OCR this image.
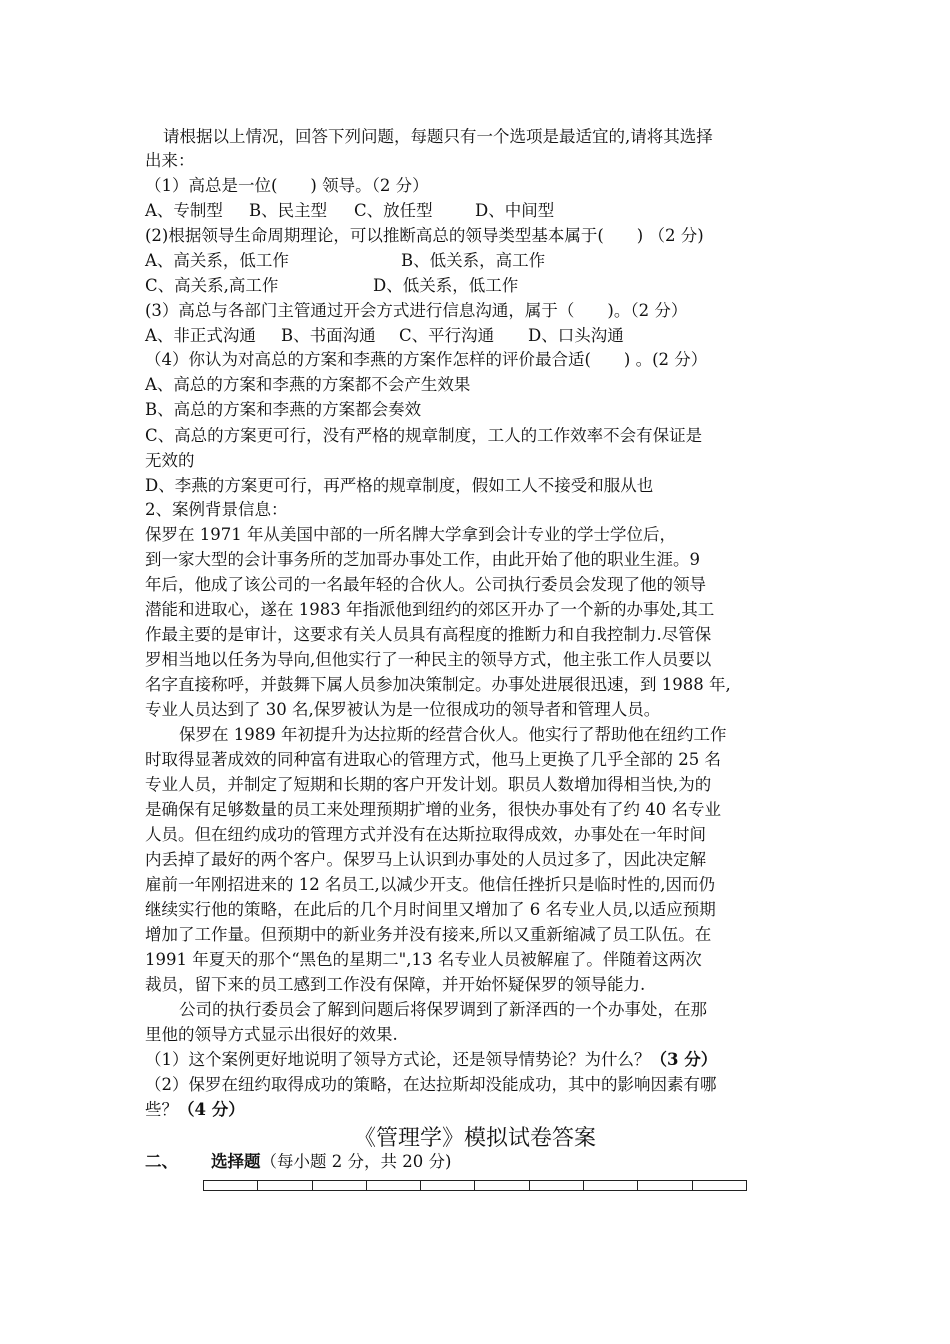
请根据以上情况，回答下列问题，每题只有一个选项是最适宜的,请将其选择
出来：
（1）高总是一位(　　) 领导。（2 分）
A、专制型 B、民主型 C、放任型	D、中间型
(2)根据领导生命周期理论，可以推断高总的领导类型基本属于(　　) （2 分)
A、高关系，低工作	B、低关系，高工作
C、高关系,高工作	D、低关系，低工作
(3）高总与各部门主管通过开会方式进行信息沟通，属于（　　)。（2 分）
A、非正式沟通 B、书面沟通 C、平行沟通 D、口头沟通
（4）你认为对高总的方案和李燕的方案作怎样的评价最合适(　　) 。(2 分）
A、高总的方案和李燕的方案都不会产生效果
B、高总的方案和李燕的方案都会奏效
C、高总的方案更可行，没有严格的规章制度，工人的工作效率不会有保证是
无效的
D、李燕的方案更可行，再严格的规章制度，假如工人不接受和服从也
2、案例背景信息：
保罗在 1971 年从美国中部的一所名牌大学拿到会计专业的学士学位后，
到一家大型的会计事务所的芝加哥办事处工作，由此开始了他的职业生涯。9
年后，他成了该公司的一名最年轻的合伙人。公司执行委员会发现了他的领导
潜能和进取心，遂在 1983 年指派他到纽约的郊区开办了一个新的办事处,其工
作最主要的是审计，这要求有关人员具有高程度的推断力和自我控制力.尽管保
罗相当地以任务为导向,但他实行了一种民主的领导方式，他主张工作人员要以
名字直接称呼，并鼓舞下属人员参加决策制定。办事处进展很迅速，到 1988 年,
专业人员达到了 30 名,保罗被认为是一位很成功的领导者和管理人员。
保罗在 1989 年初提升为达拉斯的经营合伙人。他实行了帮助他在纽约工作
时取得显著成效的同种富有进取心的管理方式，他马上更换了几乎全部的 25 名
专业人员，并制定了短期和长期的客户开发计划。职员人数增加得相当快,为的
是确保有足够数量的员工来处理预期扩增的业务，很快办事处有了约 40 名专业
人员。但在纽约成功的管理方式并没有在达斯拉取得成效，办事处在一年时间
内丢掉了最好的两个客户。保罗马上认识到办事处的人员过多了，因此决定解
雇前一年刚招进来的 12 名员工,以减少开支。他信任挫折只是临时性的,因而仍
继续实行他的策略，在此后的几个月时间里又增加了 6 名专业人员,以适应预期
增加了工作量。但预期中的新业务并没有接来,所以又重新缩减了员工队伍。在
1991 年夏天的那个“黑色的星期二",13 名专业人员被解雇了。伴随着这两次
裁员，留下来的员工感到工作没有保障，并开始怀疑保罗的领导能力.
公司的执行委员会了解到问题后将保罗调到了新泽西的一个办事处，在那
里他的领导方式显示出很好的效果.
（1）这个案例更好地说明了领导方式论，还是领导情势论？为什么？（3 分）
（2）保罗在纽约取得成功的策略，在达拉斯却没能成功，其中的影响因素有哪
些？（4 分）
《管理学》模拟试卷答案
二、 选择题（每小题 2 分，共 20 分)
